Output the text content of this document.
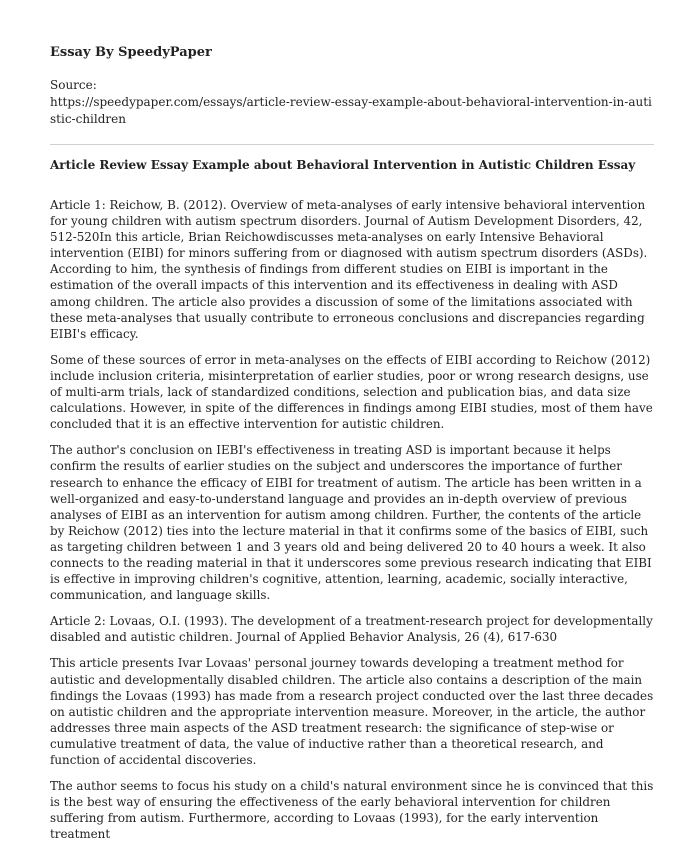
Essay By SpeedyPaper
Source:
https://speedypaper.com/essays/article-review-essay-example-about-behavioral-intervention-in-autistic-children
Article Review Essay Example about Behavioral Intervention in Autistic Children Essay

Article 1: Reichow, B. (2012). Overview of meta-analyses of early intensive behavioral intervention for young children with autism spectrum disorders. Journal of Autism Development Disorders, 42, 512-520In this article, Brian Reichowdiscusses meta-analyses on early Intensive Behavioral intervention (EIBI) for minors suffering from or diagnosed with autism spectrum disorders (ASDs). According to him, the synthesis of findings from different studies on EIBI is important in the estimation of the overall impacts of this intervention and its effectiveness in dealing with ASD among children. The article also provides a discussion of some of the limitations associated with these meta-analyses that usually contribute to erroneous conclusions and discrepancies regarding EIBI's efficacy.

Some of these sources of error in meta-analyses on the effects of EIBI according to Reichow (2012) include inclusion criteria, misinterpretation of earlier studies, poor or wrong research designs, use of multi-arm trials, lack of standardized conditions, selection and publication bias, and data size calculations. However, in spite of the differences in findings among EIBI studies, most of them have concluded that it is an effective intervention for autistic children.

The author's conclusion on IEBI's effectiveness in treating ASD is important because it helps confirm the results of earlier studies on the subject and underscores the importance of further research to enhance the efficacy of EIBI for treatment of autism. The article has been written in a well-organized and easy-to-understand language and provides an in-depth overview of previous analyses of EIBI as an intervention for autism among children. Further, the contents of the article by Reichow (2012) ties into the lecture material in that it confirms some of the basics of EIBI, such as targeting children between 1 and 3 years old and being delivered 20 to 40 hours a week. It also connects to the reading material in that it underscores some previous research indicating that EIBI is effective in improving children's cognitive, attention, learning, academic, socially interactive, communication, and language skills.

Article 2: Lovaas, O.I. (1993). The development of a treatment-research project for developmentally disabled and autistic children. Journal of Applied Behavior Analysis, 26 (4), 617-630

This article presents Ivar Lovaas' personal journey towards developing a treatment method for autistic and developmentally disabled children. The article also contains a description of the main findings the Lovaas (1993) has made from a research project conducted over the last three decades on autistic children and the appropriate intervention measure. Moreover, in the article, the author addresses three main aspects of the ASD treatment research: the significance of step-wise or cumulative treatment of data, the value of inductive rather than a theoretical research, and function of accidental discoveries.

The author seems to focus his study on a child's natural environment since he is convinced that this is the best way of ensuring the effectiveness of the early behavioral intervention for children suffering from autism. Furthermore, according to Lovaas (1993), for the early intervention treatment
